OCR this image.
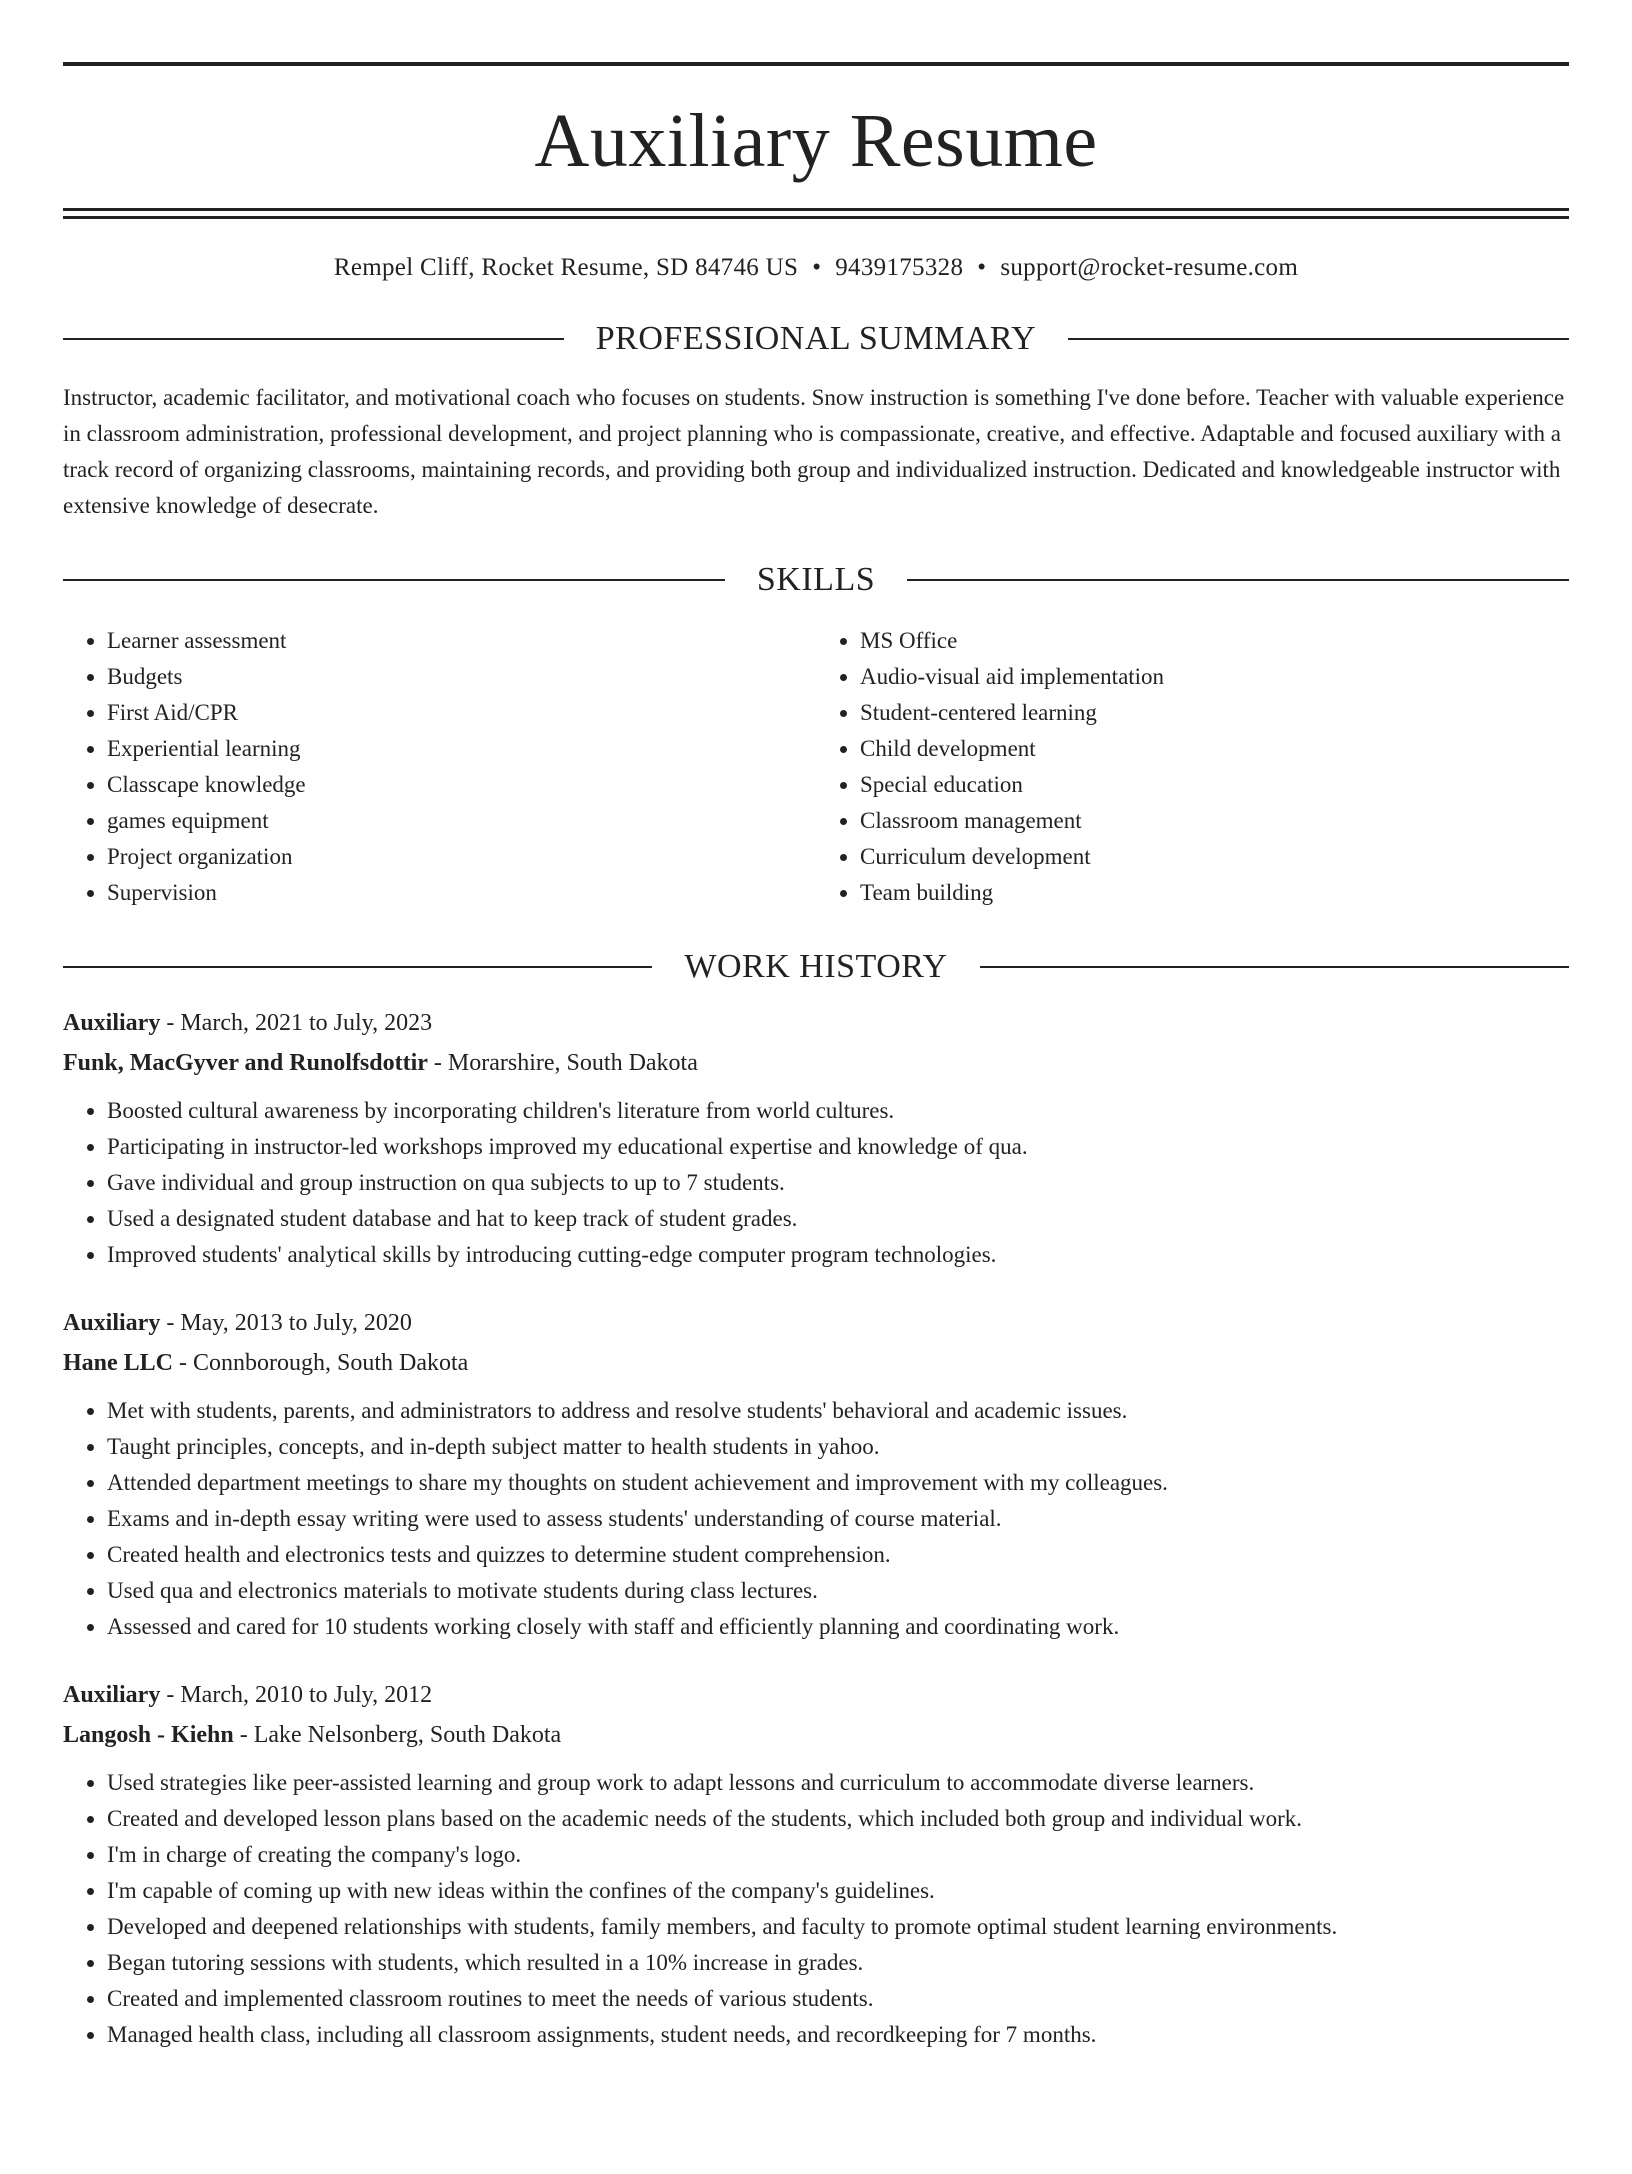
Auxiliary Resume
Rempel Cliff, Rocket Resume, SD 84746 US • 9439175328 • support@rocket-resume.com
PROFESSIONAL SUMMARY
Instructor, academic facilitator, and motivational coach who focuses on students. Snow instruction is something I've done before. Teacher with valuable experience in classroom administration, professional development, and project planning who is compassionate, creative, and effective. Adaptable and focused auxiliary with a track record of organizing classrooms, maintaining records, and providing both group and individualized instruction. Dedicated and knowledgeable instructor with extensive knowledge of desecrate.
SKILLS
• Learner assessment
• Budgets
• First Aid/CPR
• Experiential learning
• Classcape knowledge
• games equipment
• Project organization
• Supervision
• MS Office
• Audio-visual aid implementation
• Student-centered learning
• Child development
• Special education
• Classroom management
• Curriculum development
• Team building
WORK HISTORY
Auxiliary - March, 2021 to July, 2023
Funk, MacGyver and Runolfsdottir - Morarshire, South Dakota
• Boosted cultural awareness by incorporating children's literature from world cultures.
• Participating in instructor-led workshops improved my educational expertise and knowledge of qua.
• Gave individual and group instruction on qua subjects to up to 7 students.
• Used a designated student database and hat to keep track of student grades.
• Improved students' analytical skills by introducing cutting-edge computer program technologies.
Auxiliary - May, 2013 to July, 2020
Hane LLC - Connborough, South Dakota
• Met with students, parents, and administrators to address and resolve students' behavioral and academic issues.
• Taught principles, concepts, and in-depth subject matter to health students in yahoo.
• Attended department meetings to share my thoughts on student achievement and improvement with my colleagues.
• Exams and in-depth essay writing were used to assess students' understanding of course material.
• Created health and electronics tests and quizzes to determine student comprehension.
• Used qua and electronics materials to motivate students during class lectures.
• Assessed and cared for 10 students working closely with staff and efficiently planning and coordinating work.
Auxiliary - March, 2010 to July, 2012
Langosh - Kiehn - Lake Nelsonberg, South Dakota
• Used strategies like peer-assisted learning and group work to adapt lessons and curriculum to accommodate diverse learners.
• Created and developed lesson plans based on the academic needs of the students, which included both group and individual work.
• I'm in charge of creating the company's logo.
• I'm capable of coming up with new ideas within the confines of the company's guidelines.
• Developed and deepened relationships with students, family members, and faculty to promote optimal student learning environments.
• Began tutoring sessions with students, which resulted in a 10% increase in grades.
• Created and implemented classroom routines to meet the needs of various students.
• Managed health class, including all classroom assignments, student needs, and recordkeeping for 7 months.
